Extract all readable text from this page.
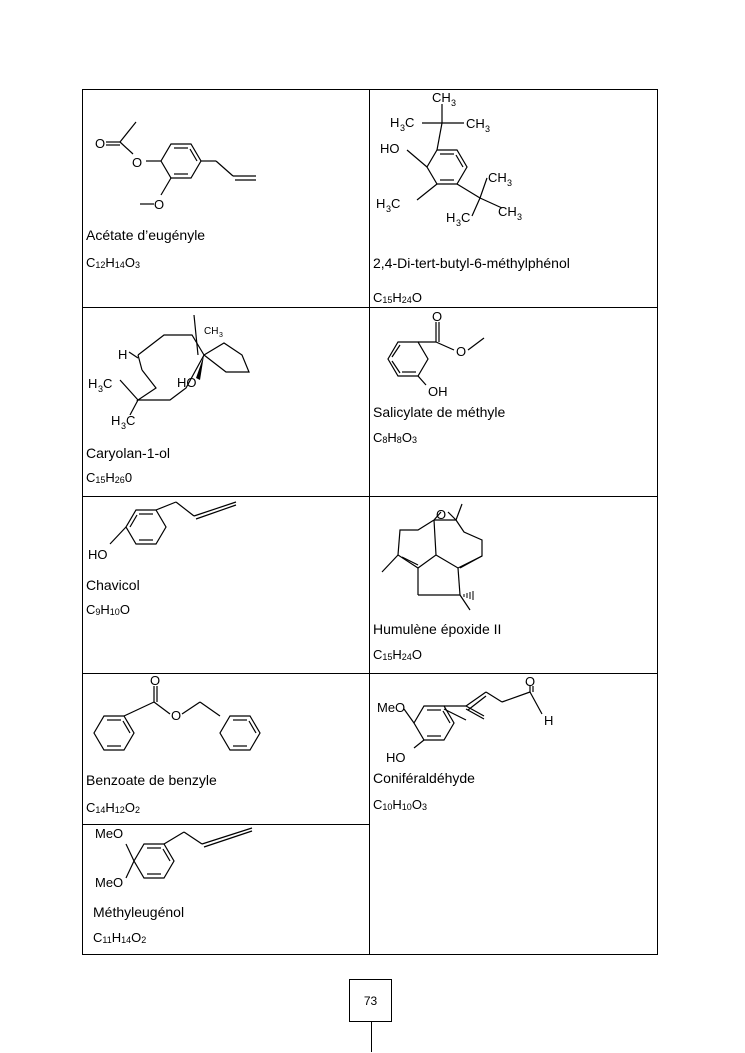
O
O
O
Acétate d’eugényle
$C_{12}H_{14}O_3$
CH 3
H 3 C	CH 3
HO
H 3 C
CH 3
CH 3
H 3 C
2,4-Di-tert-butyl-6-méthylphénol
$C_{15}H_{24}O$
H
H 3 C
H 3 C
CH 3
HO
Caryolan-1-ol
$C_{15}H_{26}0$
O
O
OH
Salicylate de méthyle
$C_8H_8O_3$
HO
Chavicol
$C_9H_{10}O$
O
Humulène époxide II
$C_{15}H_{24}O$
O
O
Benzoate de benzyle
$C_{14}H_{12}O_2$
O
H
MeO
HO
Coniféraldéhyde
$C_{10}H_{10}O_3$
MeO
MeO
Méthyleugénol
$C_{11}H_{14}O_2$
73
